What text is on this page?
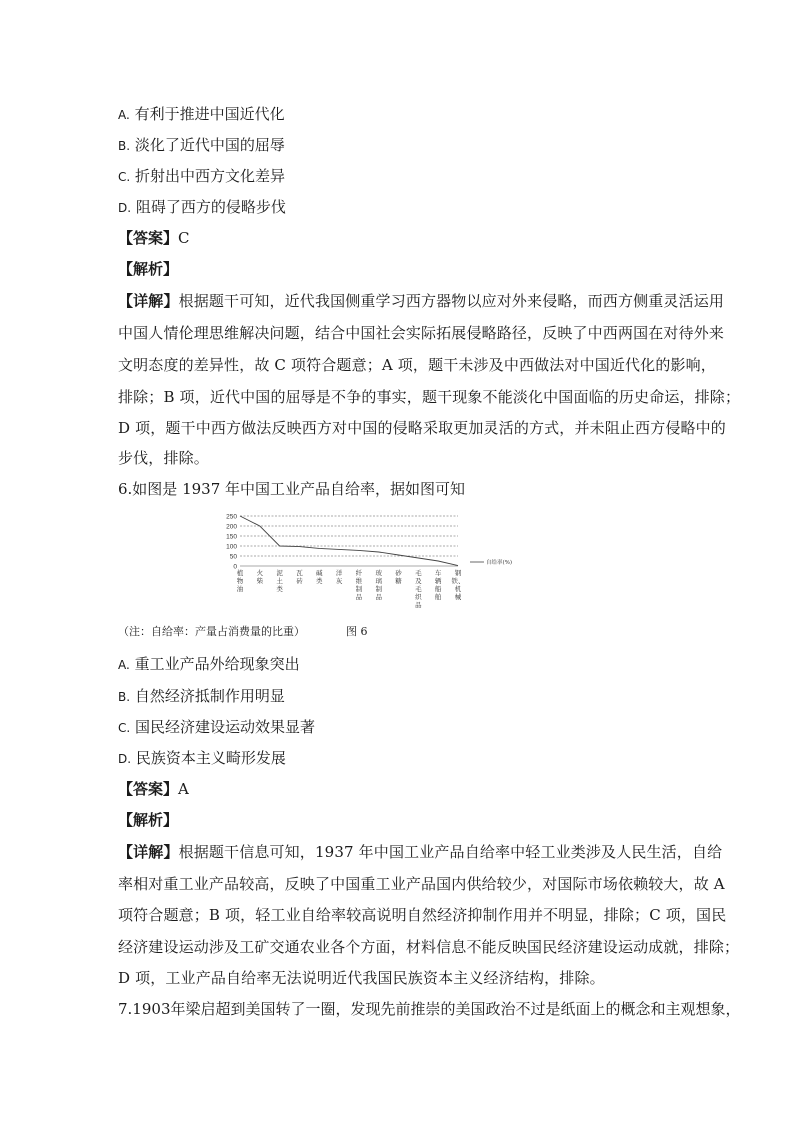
A. 有利于推进中国近代化
B. 淡化了近代中国的屈辱
C. 折射出中西方文化差异
D. 阻碍了西方的侵略步伐
【答案】C
【解析】
【详解】根据题干可知，近代我国侧重学习西方器物以应对外来侵略，而西方侧重灵活运用
中国人情伦理思维解决问题，结合中国社会实际拓展侵略路径，反映了中西两国在对待外来
文明态度的差异性，故 C 项符合题意；A 项，题干未涉及中西做法对中国近代化的影响，
排除；B 项，近代中国的屈辱是不争的事实，题干现象不能淡化中国面临的历史命运，排除；
D 项，题干中西方做法反映西方对中国的侵略采取更加灵活的方式，并未阻止西方侵略中的
步伐，排除。
6.如图是 1937 年中国工业产品自给率，据如图可知
0
50
100
150
200
250
植物油
火柴
泥土类
瓦砖
碱类
洋灰
纤维制品
玻璃制品
砂糖
毛及毛织品
车辆船舶
钢铁、机械
自给率(%)
（注：自给率：产量占消费量的比重）	图 6
A. 重工业产品外给现象突出
B. 自然经济抵制作用明显
C. 国民经济建设运动效果显著
D. 民族资本主义畸形发展
【答案】A
【解析】
【详解】根据题干信息可知，1937 年中国工业产品自给率中轻工业类涉及人民生活，自给
率相对重工业产品较高，反映了中国重工业产品国内供给较少，对国际市场依赖较大，故 A
项符合题意；B 项，轻工业自给率较高说明自然经济抑制作用并不明显，排除；C 项，国民
经济建设运动涉及工矿交通农业各个方面，材料信息不能反映国民经济建设运动成就，排除；
D 项，工业产品自给率无法说明近代我国民族资本主义经济结构，排除。
7.1903年梁启超到美国转了一圈，发现先前推崇的美国政治不过是纸面上的概念和主观想象，
